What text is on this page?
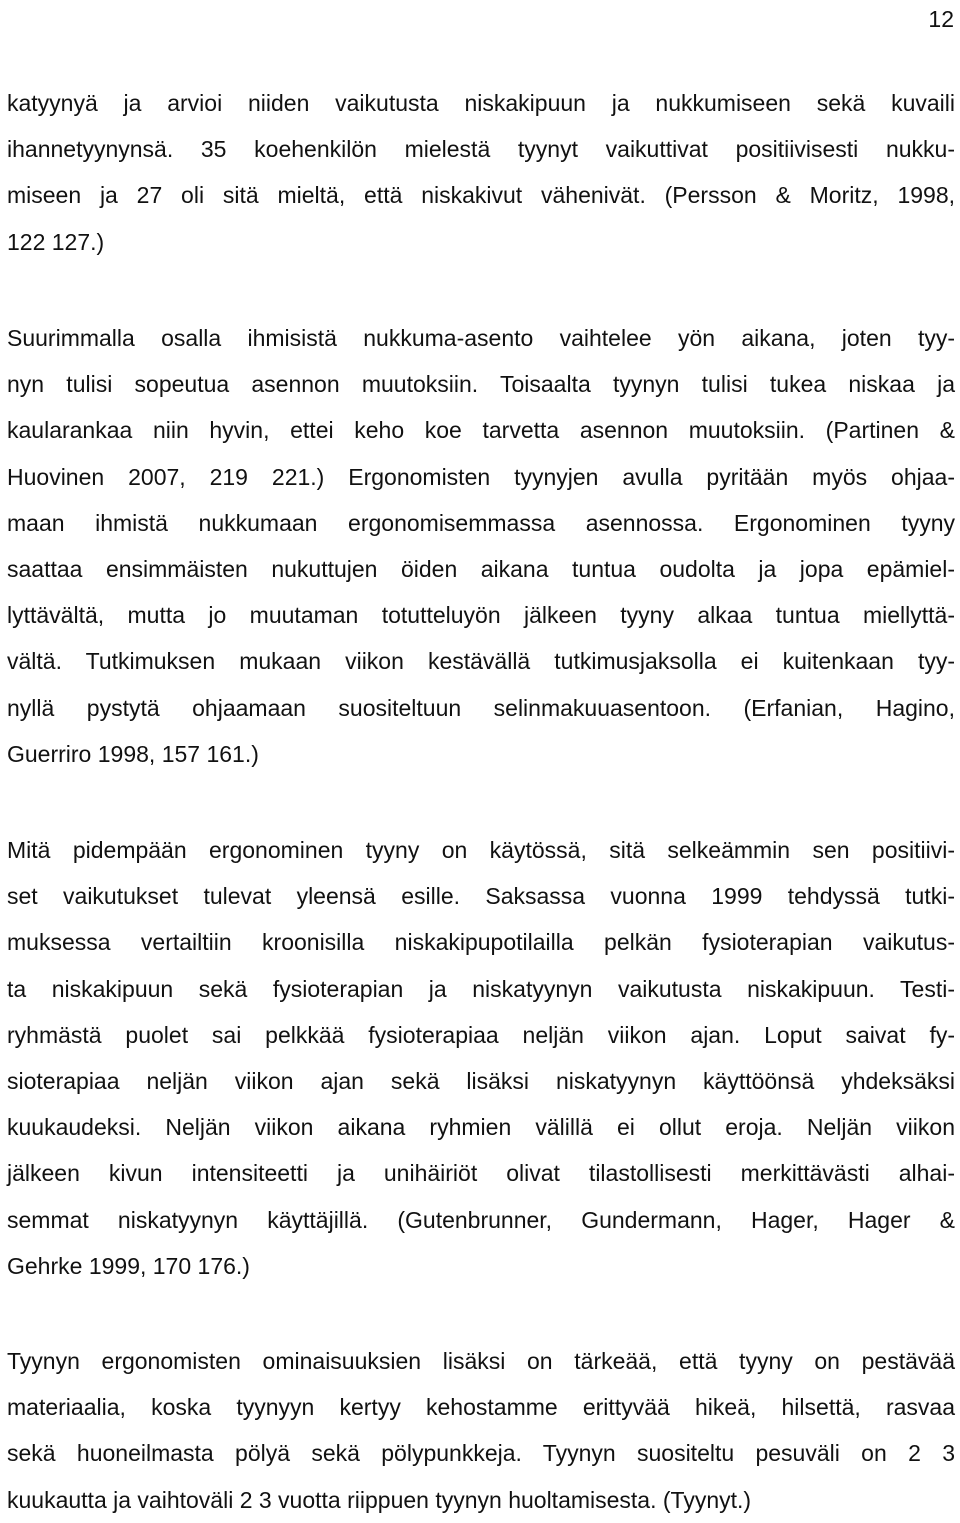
12
katyynyä ja arvioi niiden vaikutusta niskakipuun ja nukkumiseen sekä kuvaili
ihannetyynynsä. 35 koehenkilön mielestä tyynyt vaikuttivat positiivisesti nukku-
miseen ja 27 oli sitä mieltä, että niskakivut vähenivät. (Persson & Moritz, 1998,
122 127.)
Suurimmalla osalla ihmisistä nukkuma-asento vaihtelee yön aikana, joten tyy-
nyn tulisi sopeutua asennon muutoksiin. Toisaalta tyynyn tulisi tukea niskaa ja
kaularankaa niin hyvin, ettei keho koe tarvetta asennon muutoksiin. (Partinen &
Huovinen 2007, 219 221.) Ergonomisten tyynyjen avulla pyritään myös ohjaa-
maan ihmistä nukkumaan ergonomisemmassa asennossa. Ergonominen tyyny
saattaa ensimmäisten nukuttujen öiden aikana tuntua oudolta ja jopa epämiel-
lyttävältä, mutta jo muutaman totutteluyön jälkeen tyyny alkaa tuntua miellyttä-
vältä. Tutkimuksen mukaan viikon kestävällä tutkimusjaksolla ei kuitenkaan tyy-
nyllä pystytä ohjaamaan suositeltuun selinmakuuasentoon. (Erfanian, Hagino,
Guerriro 1998, 157 161.)
Mitä pidempään ergonominen tyyny on käytössä, sitä selkeämmin sen positiivi-
set vaikutukset tulevat yleensä esille. Saksassa vuonna 1999 tehdyssä tutki-
muksessa vertailtiin kroonisilla niskakipupotilailla pelkän fysioterapian vaikutus-
ta niskakipuun sekä fysioterapian ja niskatyynyn vaikutusta niskakipuun. Testi-
ryhmästä puolet sai pelkkää fysioterapiaa neljän viikon ajan. Loput saivat fy-
sioterapiaa neljän viikon ajan sekä lisäksi niskatyynyn käyttöönsä yhdeksäksi
kuukaudeksi. Neljän viikon aikana ryhmien välillä ei ollut eroja. Neljän viikon
jälkeen kivun intensiteetti ja unihäiriöt olivat tilastollisesti merkittävästi alhai-
semmat niskatyynyn käyttäjillä. (Gutenbrunner, Gundermann, Hager, Hager &
Gehrke 1999, 170 176.)
Tyynyn ergonomisten ominaisuuksien lisäksi on tärkeää, että tyyny on pestävää
materiaalia, koska tyynyyn kertyy kehostamme erittyvää hikeä, hilsettä, rasvaa
sekä huoneilmasta pölyä sekä pölypunkkeja. Tyynyn suositeltu pesuväli on 2 3
kuukautta ja vaihtoväli 2 3 vuotta riippuen tyynyn huoltamisesta. (Tyynyt.)
